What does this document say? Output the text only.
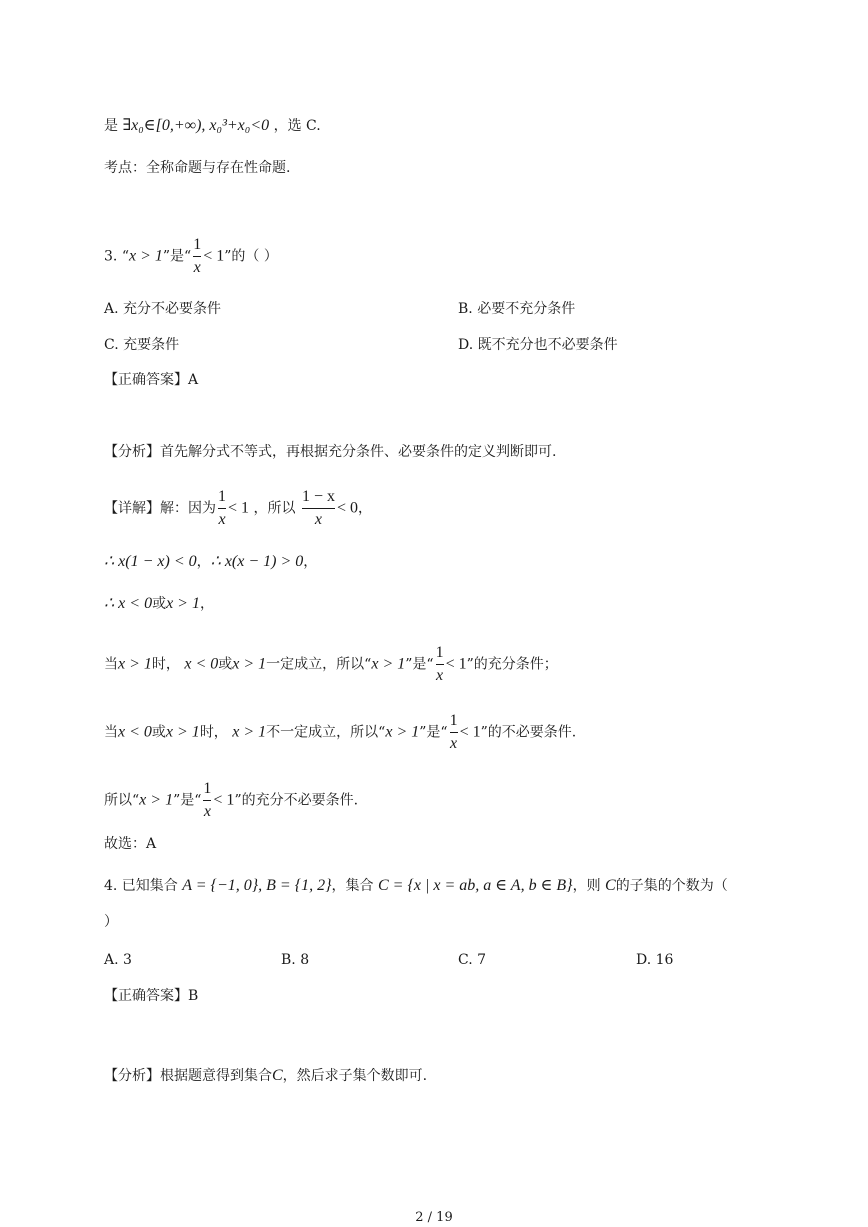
是 ∃x₀∈[0,+∞), x₀³+x₀<0 ，选 C.
考点：全称命题与存在性命题.
3. “x > 1”是“ $\frac{1}{x} < 1$”的（ ）
A. 充分不必要条件	B. 必要不充分条件
C. 充要条件	D. 既不充分也不必要条件
【正确答案】A
【分析】首先解分式不等式，再根据充分条件、必要条件的定义判断即可.
【详解】解：因为 $\frac{1}{x} < 1$ ，所以 $\frac{1 - x}{x} < 0$，
∴ x(1 − x) < 0，∴ x(x − 1) > 0，
∴ x < 0或x > 1，
当x > 1时， x < 0或x > 1一定成立，所以“x > 1”是“ $\frac{1}{x} < 1$”的充分条件；
当x < 0或x > 1时， x > 1不一定成立，所以“x > 1”是“ $\frac{1}{x} < 1$”的不必要条件.
所以“x > 1”是“ $\frac{1}{x} < 1$”的充分不必要条件.
故选：A
4. 已知集合 A = {−1, 0}, B = {1, 2}，集合 C = {x | x = ab, a ∈ A, b ∈ B}，则 C的子集的个数为（
）
A. 3	B. 8	C. 7	D. 16
【正确答案】B
【分析】根据题意得到集合C，然后求子集个数即可.
2 / 19
